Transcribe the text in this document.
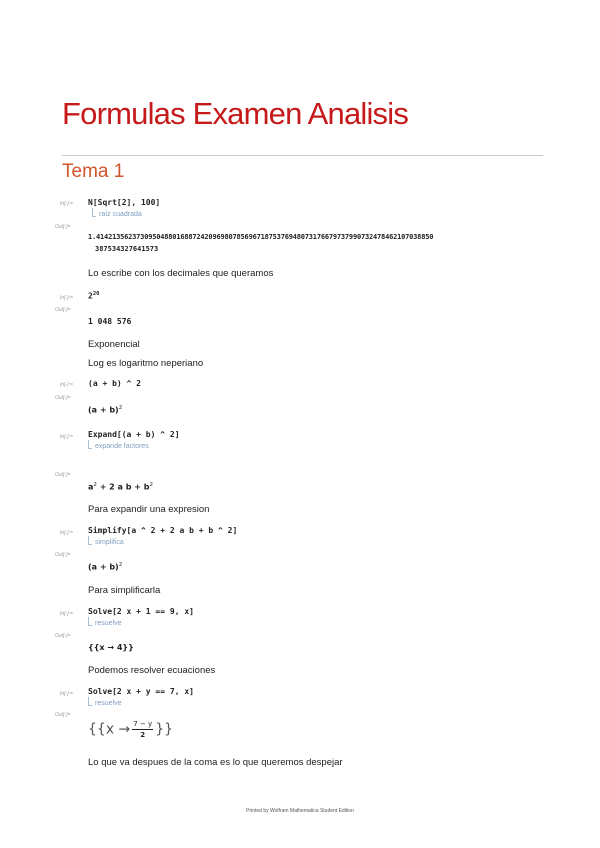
Formulas Examen Analisis
Tema 1
In[-]:= N[Sqrt[2], 100]
raíz cuadrada
Out[-]=
1.414213562373095048801688724209698078569671875376948073176679737990732478462107038850
387534327641573
Lo escribe con los decimales que queramos
In[-]:= $2^{20}$
Out[-]=
1 048 576
Exponencial
Log es logaritmo neperiano
In[-]:= (a + b) ^ 2
Out[-]=
$(a + b)^2$
In[-]:= Expand[(a + b) ^ 2]
expande factores
Out[-]=
$a^2 + 2$ a $b + b^2$
Para expandir una expresion
In[-]:= Simplify[a ^ 2 + 2 a b + b ^ 2]
simplifica
Out[-]=
$(a + b)^2$
Para simplificarla
In[-]:= Solve[2 x + 1 == 9, x]
resuelve
Out[-]=
{{x → 4}}
Podemos resolver ecuaciones
In[-]:= Solve[2 x + y == 7, x]
resuelve
Out[-]=
{{$x \to \frac{7 - y}{2}$ }}
Lo que va despues de la coma es lo que queremos despejar
Printed by Wolfram Mathematica Student Edition
